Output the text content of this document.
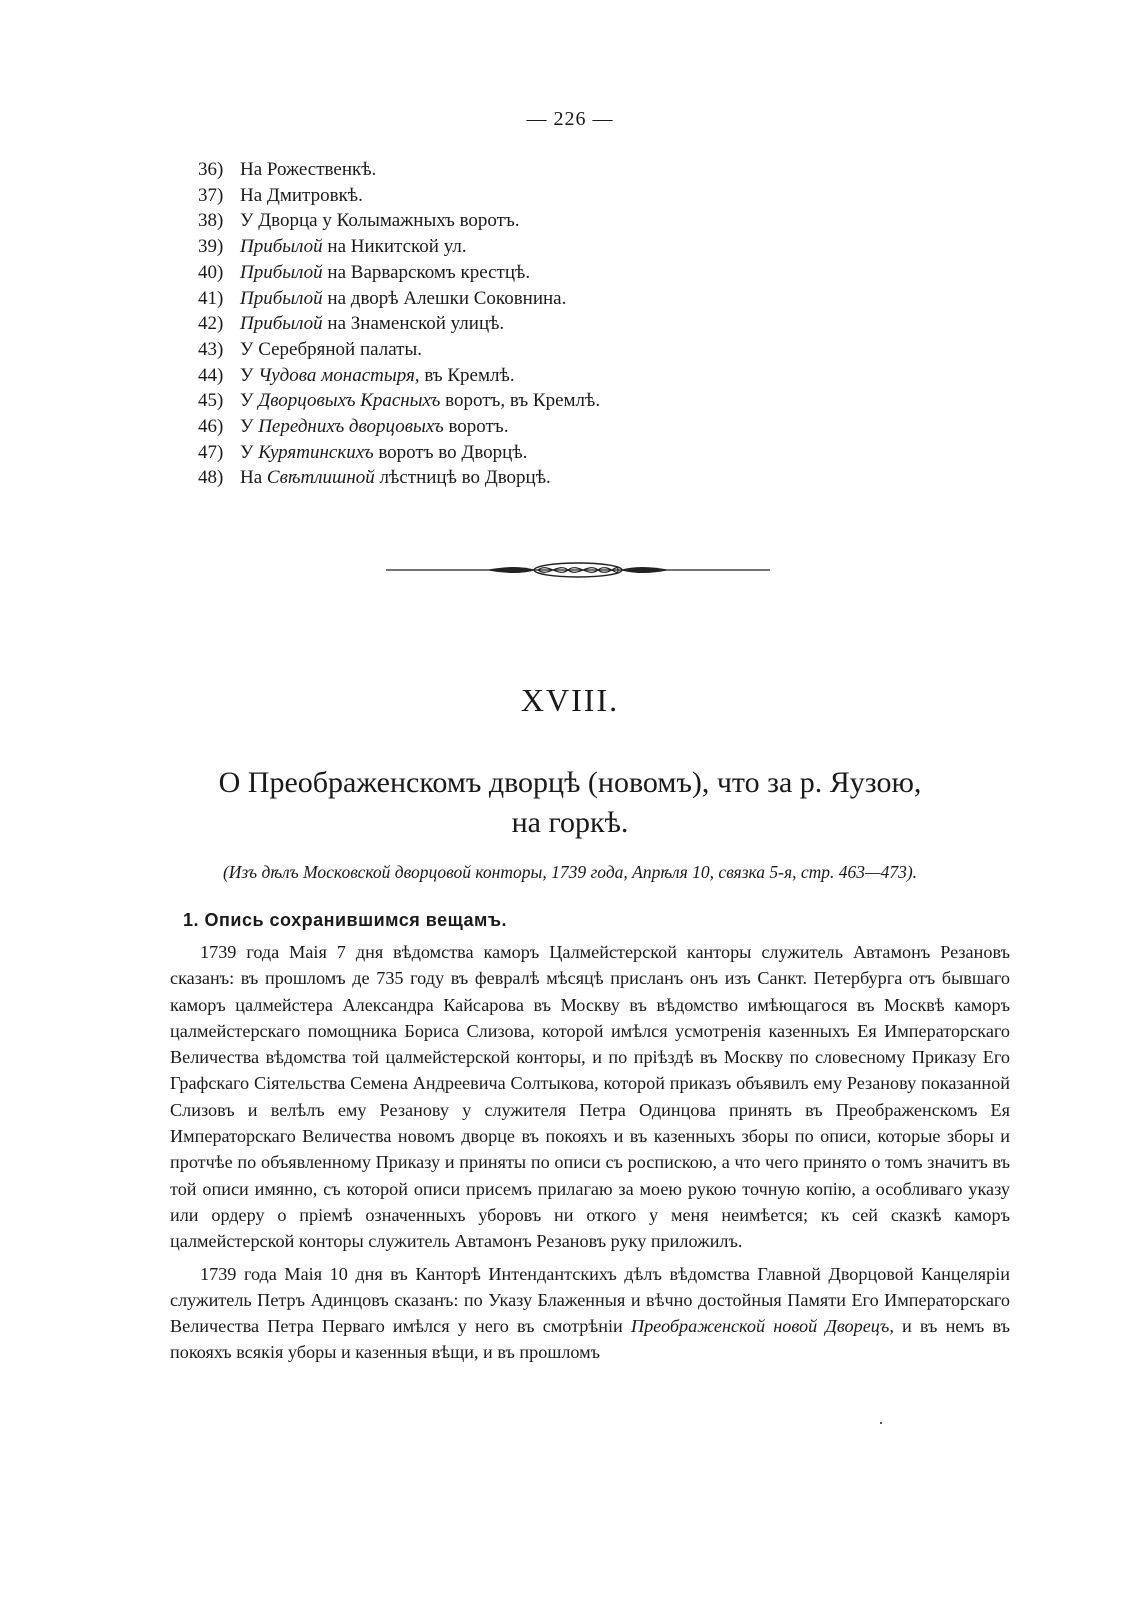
— 226 —
36) На Рожественкѣ.
37) На Дмитровкѣ.
38) У Дворца у Колымажныхъ воротъ.
39) Прибылой на Никитской ул.
40) Прибылой на Варварскомъ крестцѣ.
41) Прибылой на дворѣ Алешки Соковнина.
42) Прибылой на Знаменской улицѣ.
43) У Серебряной палаты.
44) У Чудова монастыря, въ Кремлѣ.
45) У Дворцовыхъ Красныхъ воротъ, въ Кремлѣ.
46) У Переднихъ дворцовыхъ воротъ.
47) У Курятинскихъ воротъ во Дворцѣ.
48) На Свѣтлишной лѣстницѣ во Дворцѣ.
XVIII.
О Преображенскомъ дворцѣ (новомъ), что за р. Яузою,
на горкѣ.
(Изъ дѣлъ Московской дворцовой конторы, 1739 года, Апрѣля 10, связка 5-я, стр. 463—473).
1. Опись сохранившимся вещамъ.

1739 года Маія 7 дня вѣдомства каморъ Цалмейстерской канторы служитель Автамонъ Резановъ сказанъ: въ прошломъ де 735 году въ февралѣ мѣсяцѣ присланъ онъ изъ Санкт. Петербурга отъ бывшаго каморъ цалмейстера Александра Кайсарова въ Москву въ вѣдомство имѣющагося въ Москвѣ каморъ цалмейстерскаго помощника Бориса Слизова, которой имѣлся усмотренія казенныхъ Ея Императорскаго Величества вѣдомства той цалмейстерской конторы, и по пріѣздѣ въ Москву по словесному Приказу Его Графскаго Сіятельства Семена Андреевича Солтыкова, которой приказъ объявилъ ему Резанову показанной Слизовъ и велѣлъ ему Резанову у служителя Петра Одинцова принять въ Преображенскомъ Ея Императорскаго Величества новомъ дворце въ покояхъ и въ казенныхъ зборы по описи, которые зборы и протчѣе по объявленному Приказу и приняты по описи съ роспискою, а что чего принято о томъ значитъ въ той описи имянно, съ которой описи присемъ прилагаю за моею рукою точную копію, а особливаго указу или ордеру о пріемѣ означенныхъ уборовъ ни откого у меня неимѣется; къ сей сказкѣ каморъ цалмейстерской конторы служитель Автамонъ Резановъ руку приложилъ.

1739 года Маія 10 дня въ Канторѣ Интендантскихъ дѣлъ вѣдомства Главной Дворцовой Канцеляріи служитель Петръ Адинцовъ сказанъ: по Указу Блаженныя и вѣчно достойныя Памяти Его Императорскаго Величества Петра Перваго имѣлся у него въ смотрѣніи Преображенской новой Дворецъ, и въ немъ въ покояхъ всякія уборы и казенныя вѣщи, и въ прошломъ
